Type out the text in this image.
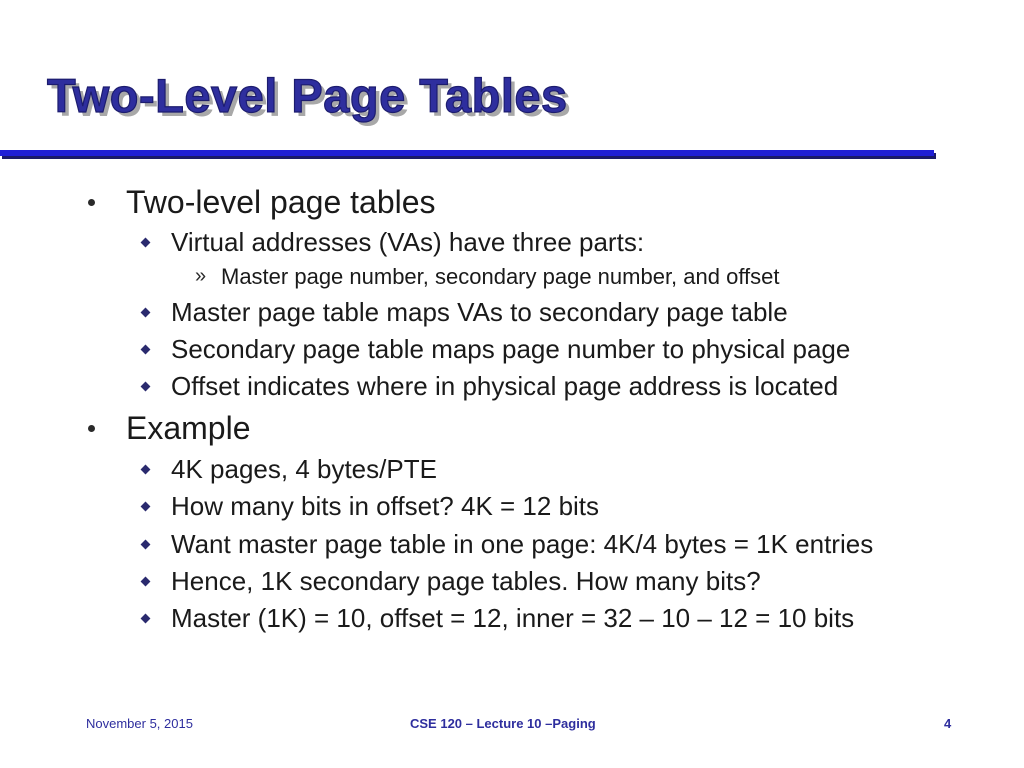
Two-Level Page Tables
Two-level page tables
Virtual addresses (VAs) have three parts:
» Master page number, secondary page number, and offset
Master page table maps VAs to secondary page table
Secondary page table maps page number to physical page
Offset indicates where in physical page address is located
Example
4K pages, 4 bytes/PTE
How many bits in offset? 4K = 12 bits
Want master page table in one page: 4K/4 bytes = 1K entries
Hence, 1K secondary page tables. How many bits?
Master (1K) = 10, offset = 12, inner = 32 – 10 – 12 = 10 bits
November 5, 2015	CSE 120 – Lecture 10 –Paging	4
